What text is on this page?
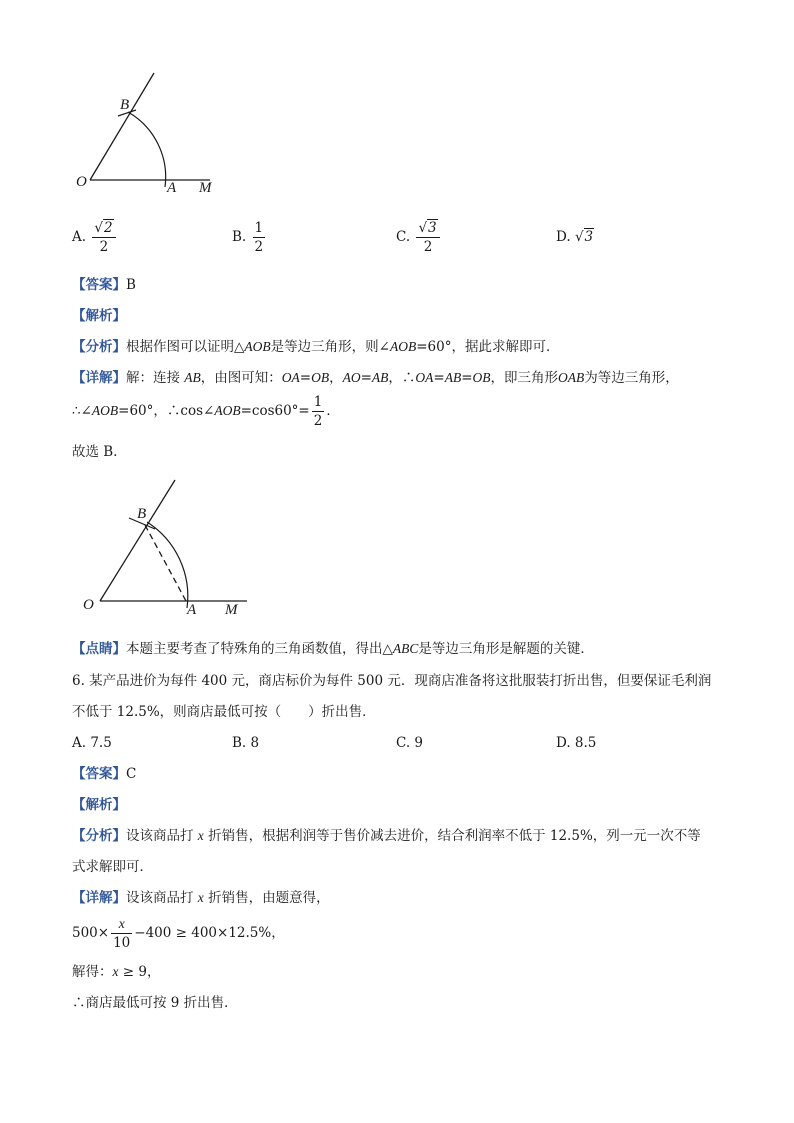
O
B
A M
A. $\frac{√2}{2}$	B. $\frac{1}{2}$	C. $\frac{√3}{2}$	D. √3
【答案】B
【解析】
【分析】根据作图可以证明△AOB是等边三角形，则∠AOB=60°，据此求解即可．
【详解】解：连接 AB，由图可知：OA=OB，AO=AB，∴OA=AB=OB，即三角形OAB为等边三角形，
∴∠AOB=60°，∴cos∠AOB=cos60°= $\frac{1}{2}$ ．
故选 B．
O
B
A M
【点睛】本题主要考查了特殊角的三角函数值，得出△ABC是等边三角形是解题的关键．
6. 某产品进价为每件 400 元，商店标价为每件 500 元．现商店准备将这批服装打折出售，但要保证毛利润
不低于 12.5%，则商店最低可按（　　）折出售．
A. 7.5	B. 8	C. 9	D. 8.5
【答案】C
【解析】
【分析】设该商品打 x 折销售，根据利润等于售价减去进价，结合利润率不低于 12.5%，列一元一次不等
式求解即可．
【详解】设该商品打 x 折销售，由题意得，
$500\times \frac{x}{10} -400 \ge 400\times 12.5\%$，
解得：x ≥ 9，
∴商店最低可按 9 折出售．
